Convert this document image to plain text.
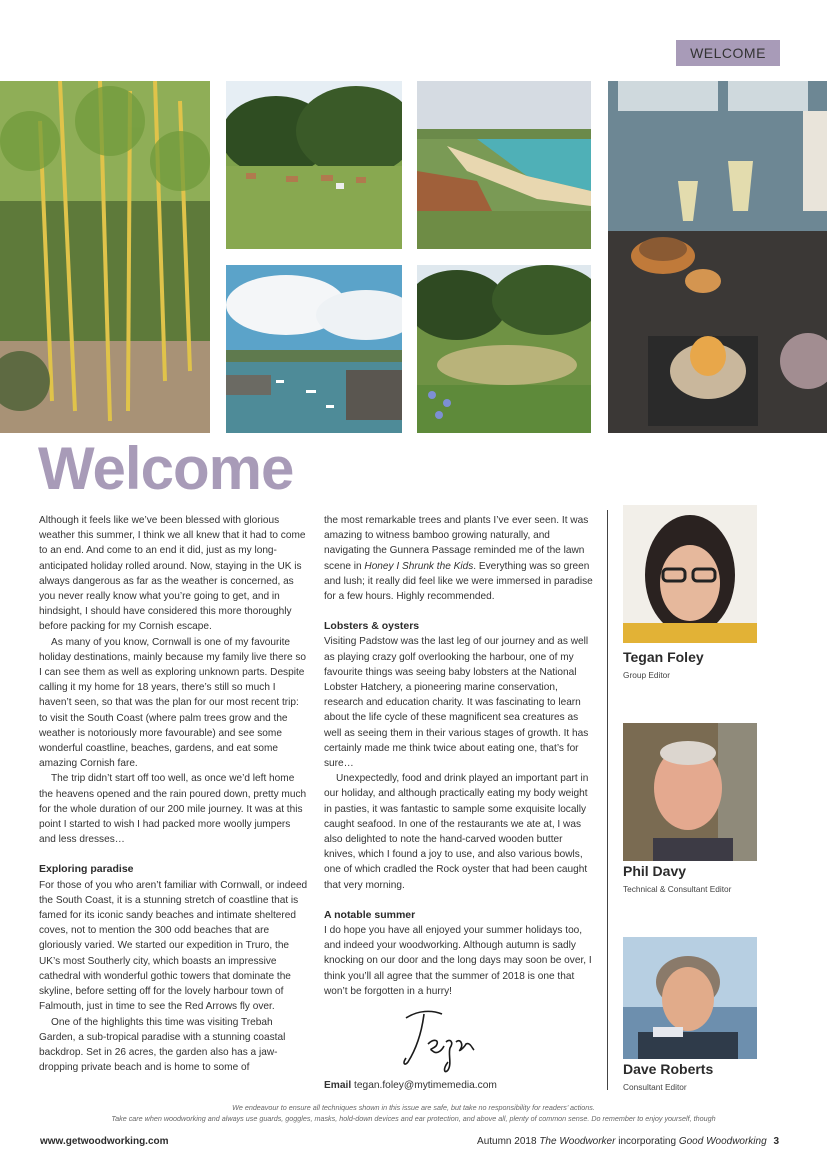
WELCOME
Welcome

Although it feels like we’ve been blessed with glorious weather this summer, I think we all knew that it had to come to an end. And come to an end it did, just as my long-anticipated holiday rolled around. Now, staying in the UK is always dangerous as far as the weather is concerned, as you never really know what you’re going to get, and in hindsight, I should have considered this more thoroughly before packing for my Cornish escape.

As many of you know, Cornwall is one of my favourite holiday destinations, mainly because my family live there so I can see them as well as exploring unknown parts. Despite calling it my home for 18 years, there’s still so much I haven’t seen, so that was the plan for our most recent trip: to visit the South Coast (where palm trees grow and the weather is notoriously more favourable) and see some wonderful coastline, beaches, gardens, and eat some amazing Cornish fare.

The trip didn’t start off too well, as once we’d left home the heavens opened and the rain poured down, pretty much for the whole duration of our 200 mile journey. It was at this point I started to wish I had packed more woolly jumpers and less dresses…

Exploring paradise

For those of you who aren’t familiar with Cornwall, or indeed the South Coast, it is a stunning stretch of coastline that is famed for its iconic sandy beaches and intimate sheltered coves, not to mention the 300 odd beaches that are gloriously varied. We started our expedition in Truro, the UK’s most Southerly city, which boasts an impressive cathedral with wonderful gothic towers that dominate the skyline, before setting off for the lovely harbour town of Falmouth, just in time to see the Red Arrows fly over.

One of the highlights this time was visiting Trebah Garden, a sub-tropical paradise with a stunning coastal backdrop. Set in 26 acres, the garden also has a jaw-dropping private beach and is home to some of

the most remarkable trees and plants I’ve ever seen. It was amazing to witness bamboo growing naturally, and navigating the Gunnera Passage reminded me of the lawn scene in Honey I Shrunk the Kids. Everything was so green and lush; it really did feel like we were immersed in paradise for a few hours. Highly recommended.

Lobsters & oysters

Visiting Padstow was the last leg of our journey and as well as playing crazy golf overlooking the harbour, one of my favourite things was seeing baby lobsters at the National Lobster Hatchery, a pioneering marine conservation, research and education charity. It was fascinating to learn about the life cycle of these magnificent sea creatures as well as seeing them in their various stages of growth. It has certainly made me think twice about eating one, that’s for sure…

Unexpectedly, food and drink played an important part in our holiday, and although practically eating my body weight in pasties, it was fantastic to sample some exquisite locally caught seafood. In one of the restaurants we ate at, I was also delighted to note the hand-carved wooden butter knives, which I found a joy to use, and also various bowls, one of which cradled the Rock oyster that had been caught that very morning.

A notable summer

I do hope you have all enjoyed your summer holidays too, and indeed your woodworking. Although autumn is sadly knocking on our door and the long days may soon be over, I think you’ll all agree that the summer of 2018 is one that won’t be forgotten in a hurry!

Email tegan.foley@mytimemedia.com
Tegan Foley
Group Editor
Phil Davy
Technical & Consultant Editor
Dave Roberts
Consultant Editor
We endeavour to ensure all techniques shown in this issue are safe, but take no responsibility for readers’ actions.
Take care when woodworking and always use guards, goggles, masks, hold-down devices and ear protection, and above all, plenty of common sense. Do remember to enjoy yourself, though
www.getwoodworking.com	Autumn 2018 The Woodworker incorporating Good Woodworking 3
